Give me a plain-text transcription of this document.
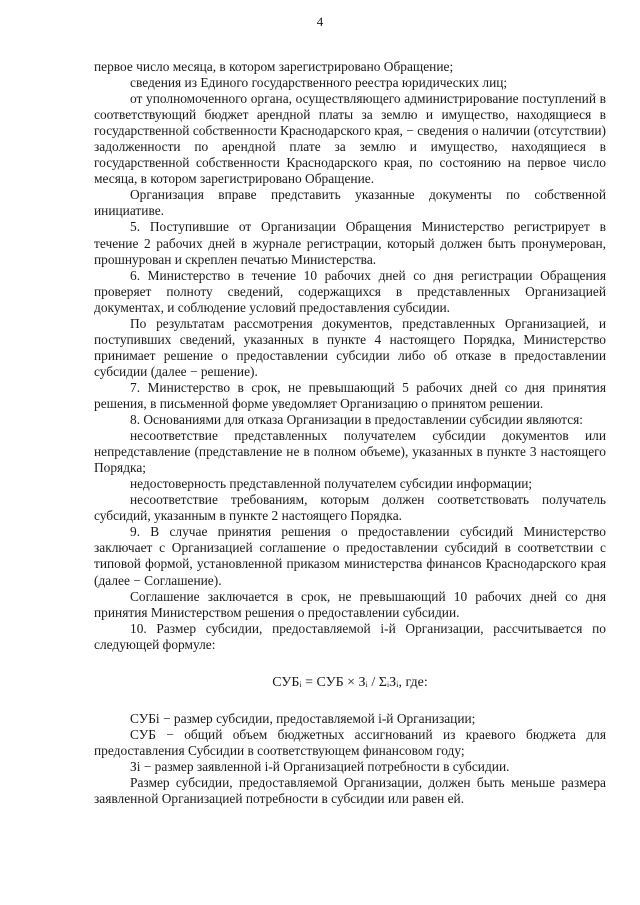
4

первое число месяца, в котором зарегистрировано Обращение;

сведения из Единого государственного реестра юридических лиц;

от уполномоченного органа, осуществляющего администрирование поступлений в соответствующий бюджет арендной платы за землю и имущество, находящиеся в государственной собственности Краснодарского края, − сведения о наличии (отсутствии) задолженности по арендной плате за землю и имущество, находящиеся в государственной собственности Краснодарского края, по состоянию на первое число месяца, в котором зарегистрировано Обращение.

Организация вправе представить указанные документы по собственной инициативе.

5. Поступившие от Организации Обращения Министерство регистрирует в течение 2 рабочих дней в журнале регистрации, который должен быть пронумерован, прошнурован и скреплен печатью Министерства.

6. Министерство в течение 10 рабочих дней со дня регистрации Обращения проверяет полноту сведений, содержащихся в представленных Организацией документах, и соблюдение условий предоставления субсидии.

По результатам рассмотрения документов, представленных Организацией, и поступивших сведений, указанных в пункте 4 настоящего Порядка, Министерство принимает решение о предоставлении субсидии либо об отказе в предоставлении субсидии (далее − решение).

7. Министерство в срок, не превышающий 5 рабочих дней со дня принятия решения, в письменной форме уведомляет Организацию о принятом решении.

8. Основаниями для отказа Организации в предоставлении субсидии являются:

несоответствие представленных получателем субсидии документов или непредставление (представление не в полном объеме), указанных в пункте 3 настоящего Порядка;

недостоверность представленной получателем субсидии информации;

несоответствие требованиям, которым должен соответствовать получатель субсидий, указанным в пункте 2 настоящего Порядка.

9. В случае принятия решения о предоставлении субсидий Министерство заключает с Организацией соглашение о предоставлении субсидий в соответствии с типовой формой, установленной приказом министерства финансов Краснодарского края (далее − Соглашение).

Соглашение заключается в срок, не превышающий 10 рабочих дней со дня принятия Министерством решения о предоставлении субсидии.

10. Размер субсидии, предоставляемой i-й Организации, рассчитывается по следующей формуле:

СУБᵢ = СУБ × Зᵢ / ΣᵢЗᵢ, где:

СУБі − размер субсидии, предоставляемой і-й Организации;

СУБ − общий объем бюджетных ассигнований из краевого бюджета для предоставления Субсидии в соответствующем финансовом году;

Зі − размер заявленной і-й Организацией потребности в субсидии.

Размер субсидии, предоставляемой Организации, должен быть меньше размера заявленной Организацией потребности в субсидии или равен ей.
